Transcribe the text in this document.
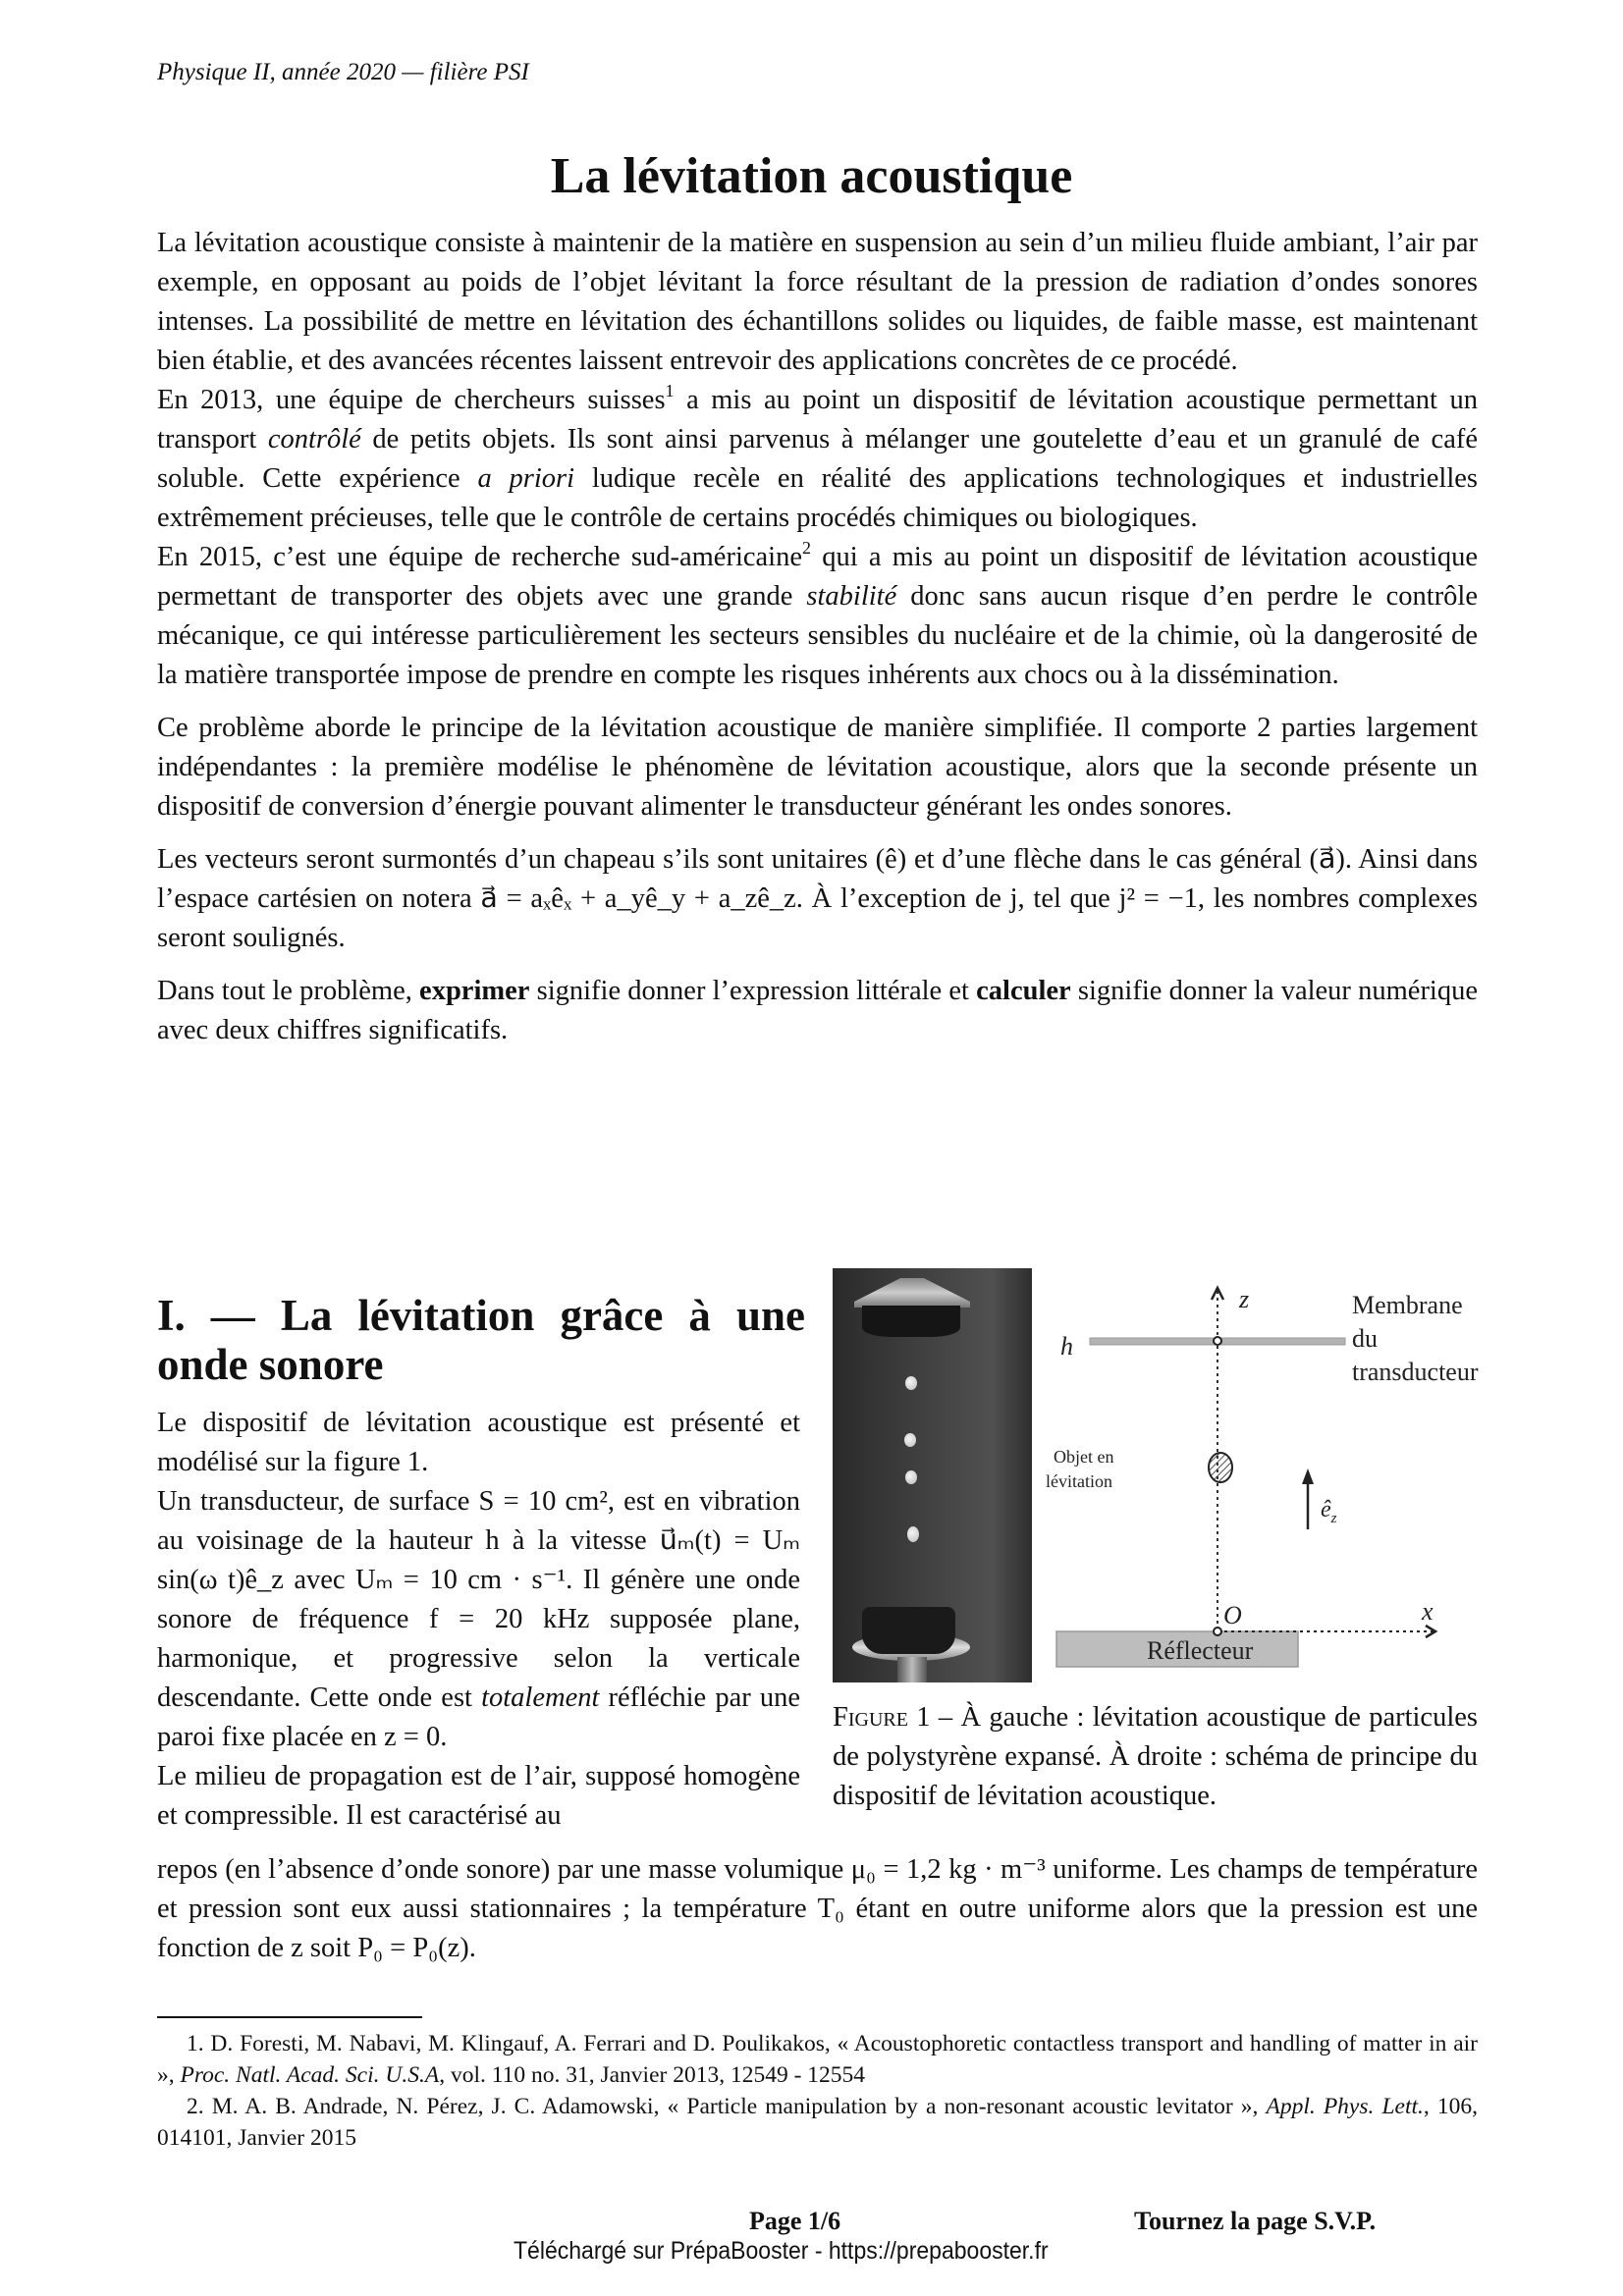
Physique II, année 2020 — filière PSI
La lévitation acoustique

La lévitation acoustique consiste à maintenir de la matière en suspension au sein d’un milieu fluide ambiant, l’air par exemple, en opposant au poids de l’objet lévitant la force résultant de la pression de radiation d’ondes sonores intenses. La possibilité de mettre en lévitation des échantillons solides ou liquides, de faible masse, est maintenant bien établie, et des avancées récentes laissent entrevoir des applications concrètes de ce procédé.

En 2013, une équipe de chercheurs suisses$^1$ a mis au point un dispositif de lévitation acoustique permettant un transport contrôlé de petits objets. Ils sont ainsi parvenus à mélanger une goutelette d’eau et un granulé de café soluble. Cette expérience a priori ludique recèle en réalité des applications technologiques et industrielles extrêmement précieuses, telle que le contrôle de certains procédés chimiques ou biologiques.

En 2015, c’est une équipe de recherche sud-américaine$^2$ qui a mis au point un dispositif de lévitation acoustique permettant de transporter des objets avec une grande stabilité donc sans aucun risque d’en perdre le contrôle mécanique, ce qui intéresse particulièrement les secteurs sensibles du nucléaire et de la chimie, où la dangerosité de la matière transportée impose de prendre en compte les risques inhérents aux chocs ou à la dissémination.

Ce problème aborde le principe de la lévitation acoustique de manière simplifiée. Il comporte 2 parties largement indépendantes : la première modélise le phénomène de lévitation acoustique, alors que la seconde présente un dispositif de conversion d’énergie pouvant alimenter le transducteur générant les ondes sonores.

Les vecteurs seront surmontés d’un chapeau s’ils sont unitaires (ê) et d’une flèche dans le cas général (a⃗). Ainsi dans l’espace cartésien on notera a⃗ = aₓêₓ + a_yê_y + a_zê_z. À l’exception de j, tel que j² = −1, les nombres complexes seront soulignés.

Dans tout le problème, exprimer signifie donner l’expression littérale et calculer signifie donner la valeur numérique avec deux chiffres significatifs.

I. — La lévitation grâce à une onde sonore

Le dispositif de lévitation acoustique est présenté et modélisé sur la figure 1.

Un transducteur, de surface S = 10 cm², est en vibration au voisinage de la hauteur h à la vitesse u⃗ₘ(t) = Uₘ sin(ω t)ê_z avec Uₘ = 10 cm · s⁻¹. Il génère une onde sonore de fréquence f = 20 kHz supposée plane, harmonique, et progressive selon la verticale descendante. Cette onde est totalement réfléchie par une paroi fixe placée en z = 0.

Le milieu de propagation est de l’air, supposé homogène et compressible. Il est caractérisé au

z
h
Membrane
du
transducteur
Objet en
lévitation
$ê_z$
Réflecteur
O	x
Figure 1 – À gauche : lévitation acoustique de particules de polystyrène expansé. À droite : schéma de principe du dispositif de lévitation acoustique.
repos (en l’absence d’onde sonore) par une masse volumique μ₀ = 1,2 kg · m⁻³ uniforme. Les champs de température et pression sont eux aussi stationnaires ; la température T₀ étant en outre uniforme alors que la pression est une fonction de z soit P₀ = P₀(z).

1. D. Foresti, M. Nabavi, M. Klingauf, A. Ferrari and D. Poulikakos, « Acoustophoretic contactless transport and handling of matter in air », Proc. Natl. Acad. Sci. U.S.A, vol. 110 no. 31, Janvier 2013, 12549 - 12554

2. M. A. B. Andrade, N. Pérez, J. C. Adamowski, « Particle manipulation by a non-resonant acoustic levitator », Appl. Phys. Lett., 106, 014101, Janvier 2015

Page 1/6	Tournez la page S.V.P.
Téléchargé sur PrépaBooster - https://prepabooster.fr
